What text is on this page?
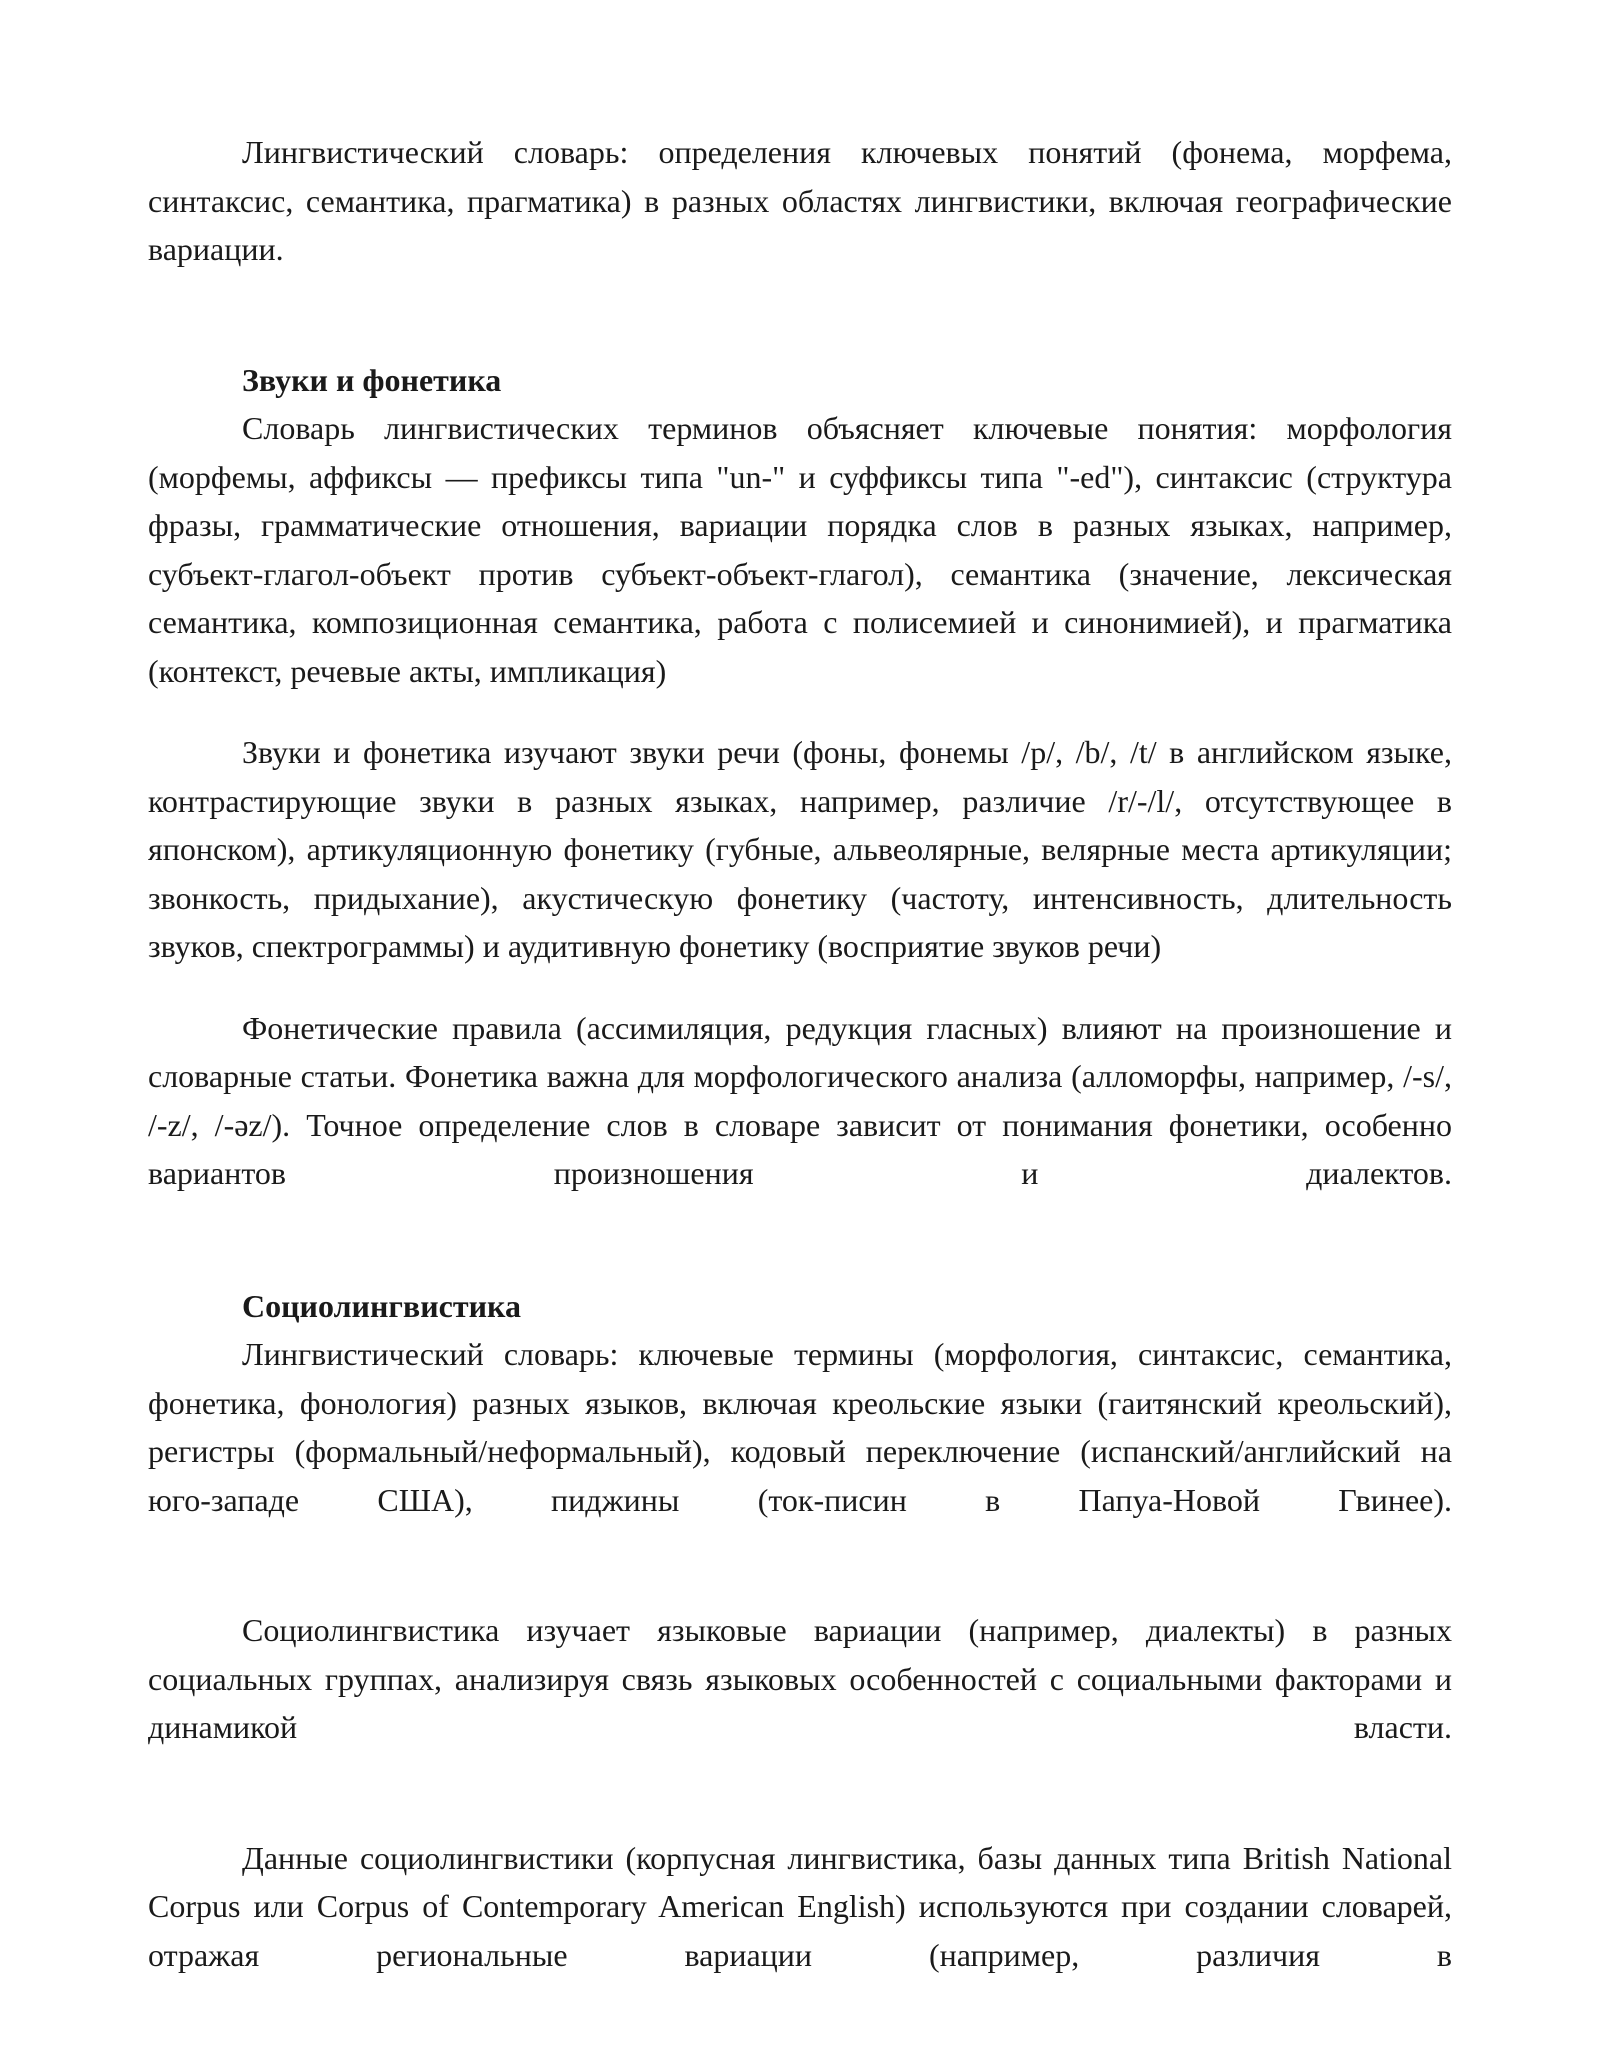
Лингвистический словарь: определения ключевых понятий (фонема, морфема, синтаксис, семантика, прагматика) в разных областях лингвистики, включая географические вариации.

Звуки и фонетика

Словарь лингвистических терминов объясняет ключевые понятия: морфология (морфемы, аффиксы — префиксы типа "un-" и суффиксы типа "-ed"), синтаксис (структура фразы, грамматические отношения, вариации порядка слов в разных языках, например, субъект-глагол-объект против субъект-объект-глагол), семантика (значение, лексическая семантика, композиционная семантика, работа с полисемией и синонимией), и прагматика (контекст, речевые акты, импликация)

Звуки и фонетика изучают звуки речи (фоны, фонемы /p/, /b/, /t/ в английском языке, контрастирующие звуки в разных языках, например, различие /r/-/l/, отсутствующее в японском), артикуляционную фонетику (губные, альвеолярные, велярные места артикуляции; звонкость, придыхание), акустическую фонетику (частоту, интенсивность, длительность звуков, спектрограммы) и аудитивную фонетику (восприятие звуков речи)

Фонетические правила (ассимиляция, редукция гласных) влияют на произношение и словарные статьи. Фонетика важна для морфологического анализа (алломорфы, например, /-s/, /-z/, /-əz/). Точное определение слов в словаре зависит от понимания фонетики, особенно вариантов произношения и диалектов.

Социолингвистика

Лингвистический словарь: ключевые термины (морфология, синтаксис, семантика, фонетика, фонология) разных языков, включая креольские языки (гаитянский креольский), регистры (формальный/неформальный), кодовый переключение (испанский/английский на юго-западе США), пиджины (ток-писин в Папуа-Новой Гвинее).

Социолингвистика изучает языковые вариации (например, диалекты) в разных социальных группах, анализируя связь языковых особенностей с социальными факторами и динамикой власти.

Данные социолингвистики (корпусная лингвистика, базы данных типа British National Corpus или Corpus of Contemporary American English) используются при создании словарей, отражая региональные вариации (например, различия в
